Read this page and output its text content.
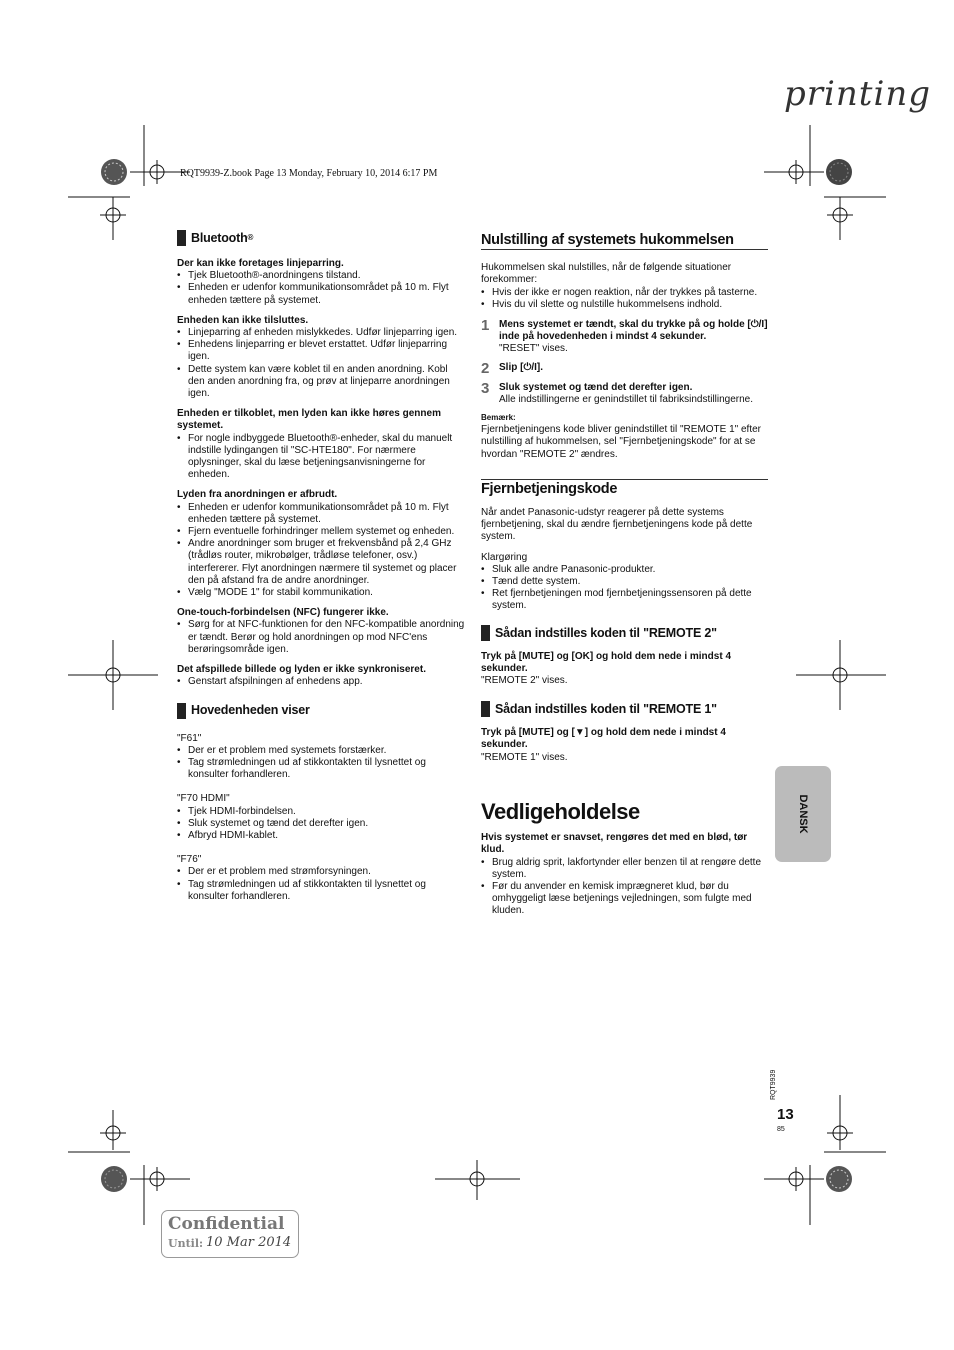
printing
RQT9939-Z.book Page 13 Monday, February 10, 2014 6:17 PM
Bluetooth ®

Der kan ikke foretages linjeparring.

• Tjek Bluetooth®-anordningens tilstand.
• Enheden er udenfor kommunikationsområdet på 10 m. Flyt enheden tættere på systemet.

Enheden kan ikke tilsluttes.

• Linjeparring af enheden mislykkedes. Udfør linjeparring igen.
• Enhedens linjeparring er blevet erstattet. Udfør linjeparring igen.
• Dette system kan være koblet til en anden anordning. Kobl den anden anordning fra, og prøv at linjeparre anordningen igen.

Enheden er tilkoblet, men lyden kan ikke høres gennem systemet.

• For nogle indbyggede Bluetooth®-enheder, skal du manuelt indstille lydingangen til "SC-HTE180". For nærmere oplysninger, skal du læse betjeningsanvisningerne for enheden.

Lyden fra anordningen er afbrudt.

• Enheden er udenfor kommunikationsområdet på 10 m. Flyt enheden tættere på systemet.
• Fjern eventuelle forhindringer mellem systemet og enheden.
• Andre anordninger som bruger et frekvensbånd på 2,4 GHz (trådløs router, mikrobølger, trådløse telefoner, osv.) interfererer. Flyt anordningen nærmere til systemet og placer den på afstand fra de andre anordninger.
• Vælg "MODE 1" for stabil kommunikation.

One-touch-forbindelsen (NFC) fungerer ikke.

• Sørg for at NFC-funktionen for den NFC-kompatible anordning er tændt. Berør og hold anordningen op mod NFC'ens berøringsområde igen.

Det afspillede billede og lyden er ikke synkroniseret.

• Genstart afspilningen af enhedens app.
Hovedenheden viser

"F61"

• Der er et problem med systemets forstærker.
• Tag strømledningen ud af stikkontakten til lysnettet og konsulter forhandleren.

"F70 HDMI"

• Tjek HDMI-forbindelsen.
• Sluk systemet og tænd det derefter igen.
• Afbryd HDMI-kablet.

"F76"

• Der er et problem med strømforsyningen.
• Tag strømledningen ud af stikkontakten til lysnettet og konsulter forhandleren.
Nulstilling af systemets hukommelsen

Hukommelsen skal nulstilles, når de følgende situationer forekommer:

• Hvis der ikke er nogen reaktion, når der trykkes på tasterne.
• Hvis du vil slette og nulstille hukommelsens indhold.
1 Mens systemet er tændt, skal du trykke på og holde [⏻/I] inde på hovedenheden i mindst 4 sekunder.

"RESET" vises.

2 Slip [⏻/I].

3 Sluk systemet og tænd det derefter igen.

Alle indstillingerne er genindstillet til fabriksindstillingerne.

Bemærk:

Fjernbetjeningens kode bliver genindstillet til "REMOTE 1" efter nulstilling af hukommelsen, sel "Fjernbetjeningskode" for at se hvordan "REMOTE 2" ændres.

Fjernbetjeningskode

Når andet Panasonic-udstyr reagerer på dette systems fjernbetjening, skal du ændre fjernbetjeningens kode på dette system.

Klargøring

• Sluk alle andre Panasonic-produkter.
• Tænd dette system.
• Ret fjernbetjeningen mod fjernbetjeningssensoren på dette system.
Sådan indstilles koden til "REMOTE 2"

Tryk på [MUTE] og [OK] og hold dem nede i mindst 4 sekunder.

"REMOTE 2" vises.

Sådan indstilles koden til "REMOTE 1"

Tryk på [MUTE] og [▼] og hold dem nede i mindst 4 sekunder.

"REMOTE 1" vises.

Vedligeholdelse

Hvis systemet er snavset, rengøres det med en blød, tør klud.

• Brug aldrig sprit, lakfortynder eller benzen til at rengøre dette system.
• Før du anvender en kemisk imprægneret klud, bør du omhyggeligt læse betjenings vejledningen, som fulgte med kluden.
DANSK
RQT9939
13
85
Confidential
Until: 10 Mar 2014
